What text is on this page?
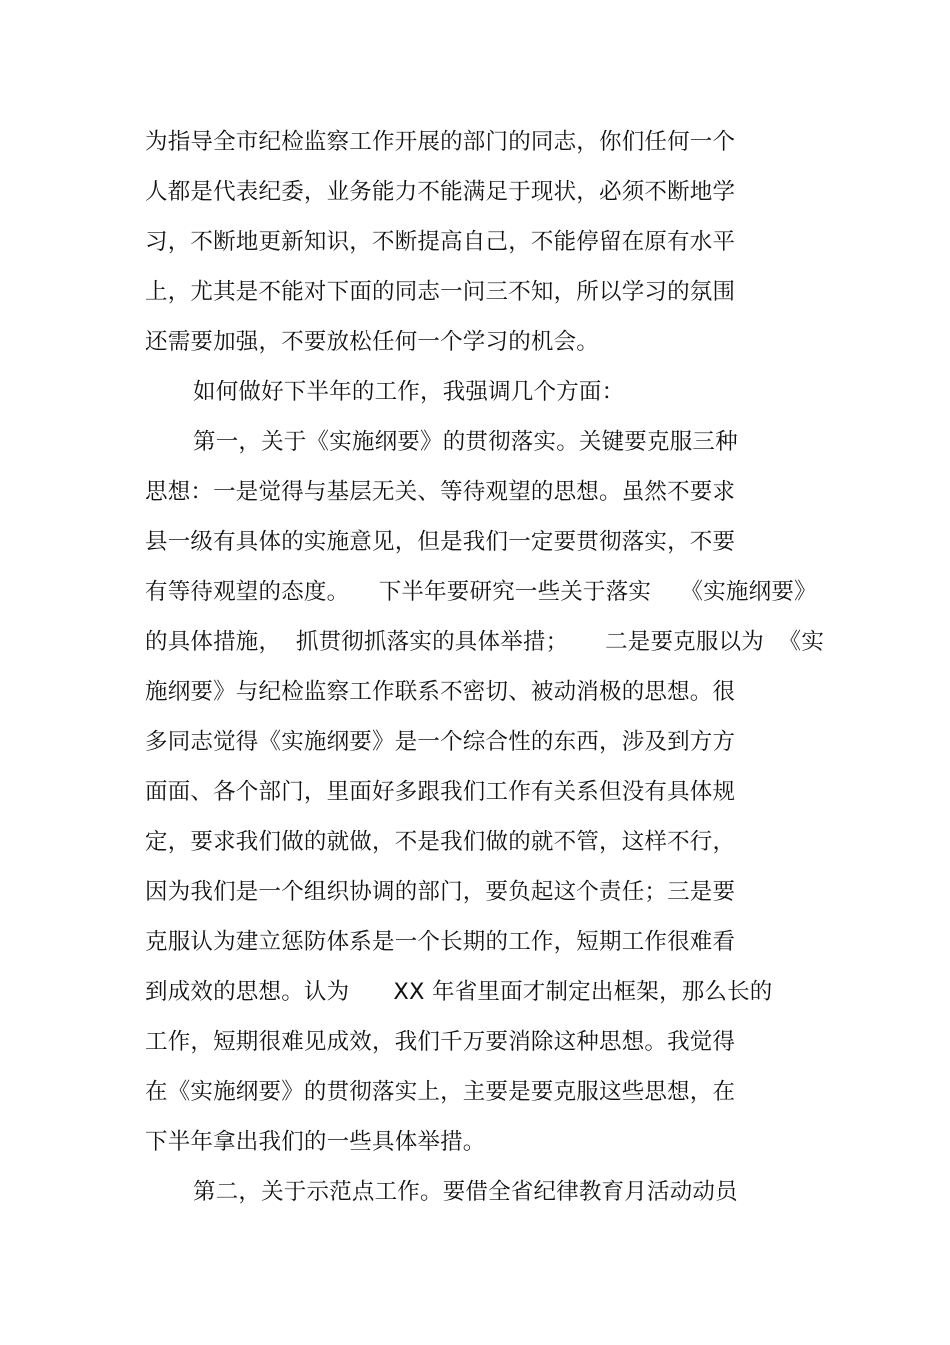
为指导全市纪检监察工作开展的部门的同志，你们任何一个
人都是代表纪委，业务能力不能满足于现状，必须不断地学
习，不断地更新知识，不断提高自己，不能停留在原有水平
上，尤其是不能对下面的同志一问三不知，所以学习的氛围
还需要加强，不要放松任何一个学习的机会。
如何做好下半年的工作，我强调几个方面：
第一，关于《实施纲要》的贯彻落实。关键要克服三种
思想：一是觉得与基层无关、等待观望的思想。虽然不要求
县一级有具体的实施意见，但是我们一定要贯彻落实，不要
有等待观望的态度。    下半年要研究一些关于落实    《实施纲要》
的具体措施，  抓贯彻抓落实的具体举措；     二是要克服以为  《实
施纲要》与纪检监察工作联系不密切、被动消极的思想。很
多同志觉得《实施纲要》是一个综合性的东西，涉及到方方
面面、各个部门，里面好多跟我们工作有关系但没有具体规
定，要求我们做的就做，不是我们做的就不管，这样不行，
因为我们是一个组织协调的部门，要负起这个责任；三是要
克服认为建立惩防体系是一个长期的工作，短期工作很难看
到成效的思想。认为      XX 年省里面才制定出框架，那么长的
工作，短期很难见成效，我们千万要消除这种思想。我觉得
在《实施纲要》的贯彻落实上，主要是要克服这些思想，在
下半年拿出我们的一些具体举措。
第二，关于示范点工作。要借全省纪律教育月活动动员
